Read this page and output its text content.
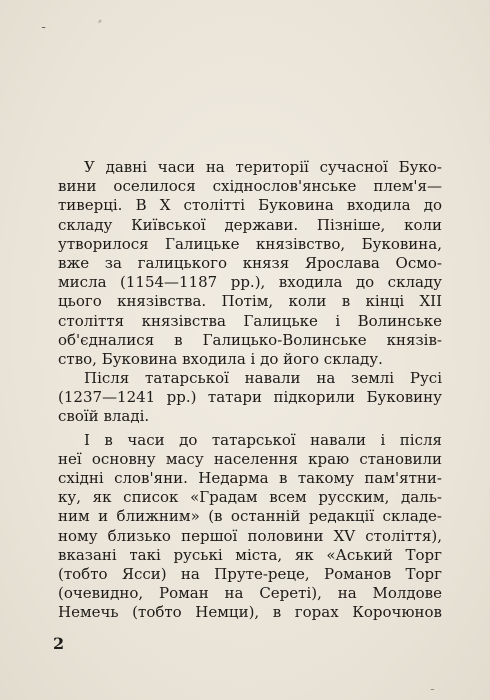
ـ	⸗
У давні часи на території сучасної Буко-
вини оселилося східнослов'янське плем'я—
тиверці. В X столітті Буковина входила до
складу Київської держави. Пізніше, коли
утворилося Галицьке князівство, Буковина,
вже за галицького князя Ярослава Осмо-
мисла (1154—1187 рр.), входила до складу
цього князівства. Потім, коли в кінці XII
століття князівства Галицьке і Волинське
об'єдналися в Галицько-Волинське князів-
ство, Буковина входила і до його складу.
Після татарської навали на землі Русі
(1237—1241 рр.) татари підкорили Буковину
своїй владі.
І в часи до татарської навали і після
неї основну масу населення краю становили
східні слов'яни. Недарма в такому пам'ятни-
ку, як список «Градам всем русским, даль-
ним и ближним» (в останній редакції складе-
ному близько першої половини XV століття),
вказані такі руські міста, як «Аський Торг
(тобто Ясси) на Пруте-реце, Романов Торг
(очевидно, Роман на Сереті), на Молдове
Немечь (тобто Немци), в горах Корочюнов
2
ـ
